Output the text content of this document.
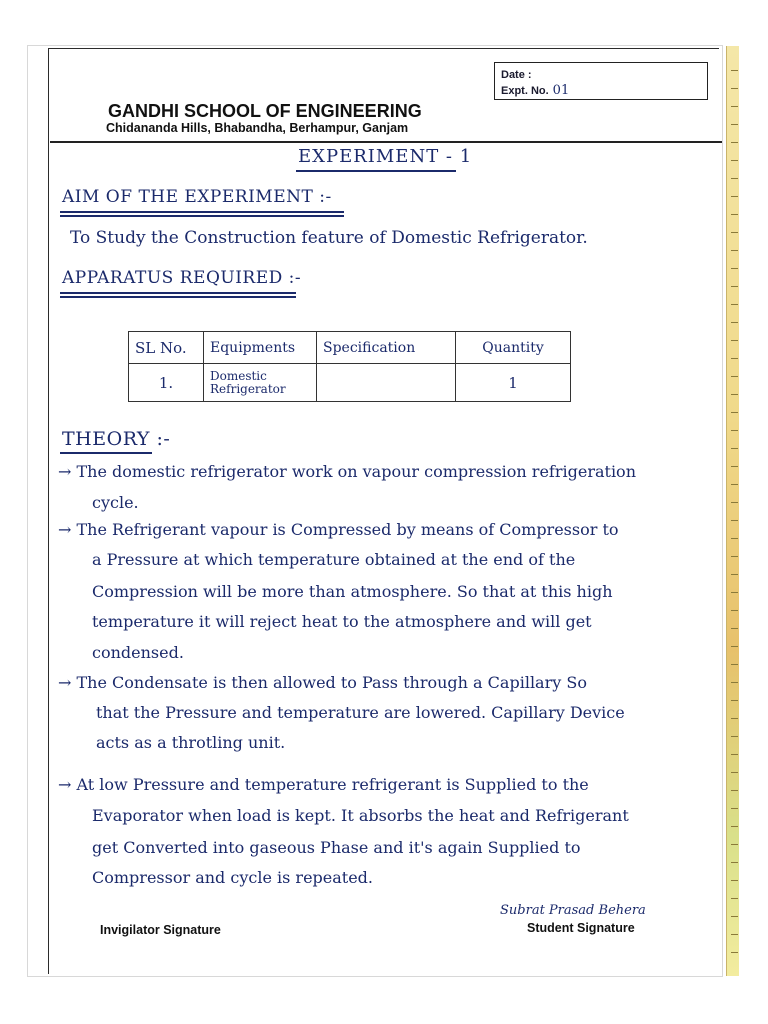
Date :
Expt. No. 01
GANDHI SCHOOL OF ENGINEERING
Chidananda Hills, Bhabandha, Berhampur, Ganjam
EXPERIMENT - 1
AIM OF THE EXPERIMENT :-
To Study the Construction feature of Domestic Refrigerator.
APPARATUS REQUIRED :-
SL No.	Equipments	Specification	Quantity
1.	Domestic Refrigerator		1
THEORY :-
→ The domestic refrigerator work on vapour compression refrigeration
cycle.
→ The Refrigerant vapour is Compressed by means of Compressor to
a Pressure at which temperature obtained at the end of the
Compression will be more than atmosphere. So that at this high
temperature it will reject heat to the atmosphere and will get
condensed.
→ The Condensate is then allowed to Pass through a Capillary So
that the Pressure and temperature are lowered. Capillary Device
acts as a throtling unit.
→ At low Pressure and temperature refrigerant is Supplied to the
Evaporator when load is kept. It absorbs the heat and Refrigerant
get Converted into gaseous Phase and it's again Supplied to
Compressor and cycle is repeated.
Invigilator Signature
Subrat Prasad Behera
Student Signature
